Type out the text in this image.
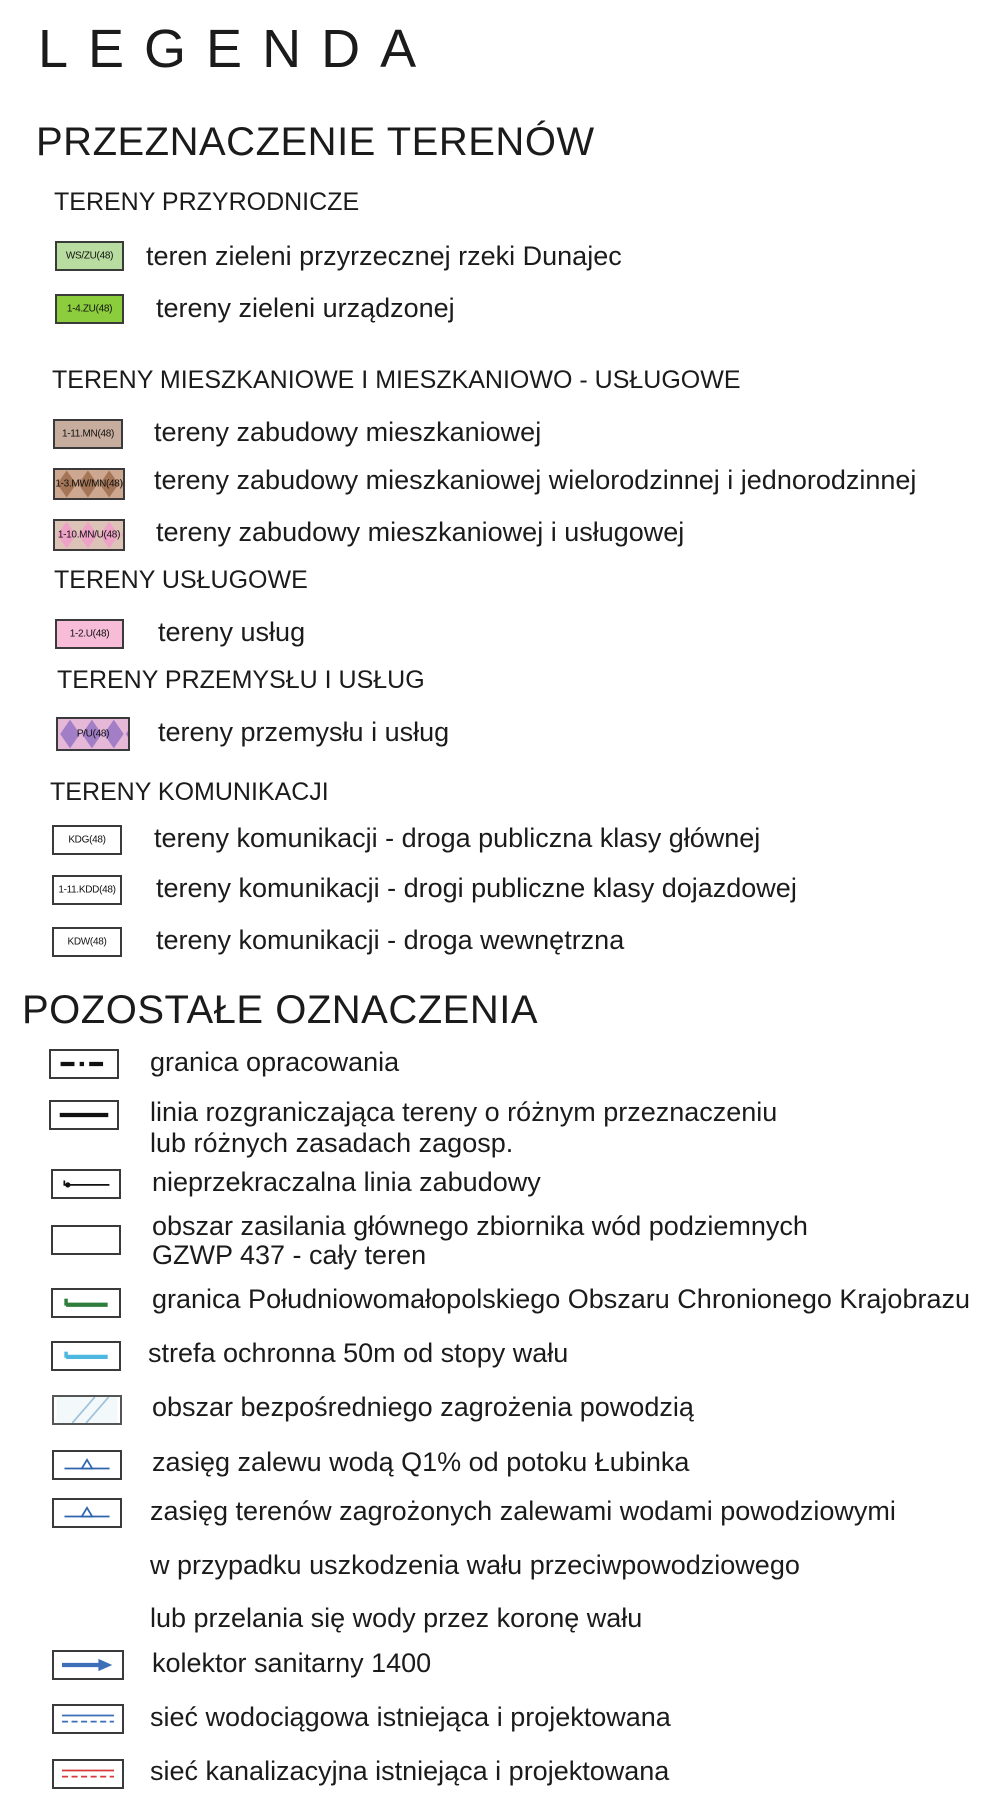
LEGENDA
PRZEZNACZENIE TERENÓW
TERENY PRZYRODNICZE
WS/ZU(48)	teren zieleni przyrzecznej rzeki Dunajec
1-4.ZU(48)	tereny zieleni urządzonej
TERENY MIESZKANIOWE I MIESZKANIOWO - USŁUGOWE
1-11.MN(48) tereny zabudowy mieszkaniowej
1-3.MW/MN(48) tereny zabudowy mieszkaniowej wielorodzinnej i jednorodzinnej
1-10.MN/U(48) tereny zabudowy mieszkaniowej i usługowej
TERENY USŁUGOWE
1-2.U(48)	tereny usług
TERENY PRZEMYSŁU I USŁUG
P/U(48)	tereny przemysłu i usług
TERENY KOMUNIKACJI
KDG(48)	tereny komunikacji - droga publiczna klasy głównej
1-11.KDD(48) tereny komunikacji - drogi publiczne klasy dojazdowej
KDW(48)	tereny komunikacji - droga wewnętrzna
POZOSTAŁE OZNACZENIA
granica opracowania
linia rozgraniczająca tereny o różnym przeznaczeniu
lub różnych zasadach zagosp.
nieprzekraczalna linia zabudowy
obszar zasilania głównego zbiornika wód podziemnych
GZWP 437 - cały teren
granica Południowomałopolskiego Obszaru Chronionego Krajobrazu
strefa ochronna 50m od stopy wału
obszar bezpośredniego zagrożenia powodzią
zasięg zalewu wodą Q1% od potoku Łubinka
zasięg terenów zagrożonych zalewami wodami powodziowymi
w przypadku uszkodzenia wału przeciwpowodziowego
lub przelania się wody przez koronę wału
kolektor sanitarny 1400
sieć wodociągowa istniejąca i projektowana
sieć kanalizacyjna istniejąca i projektowana
